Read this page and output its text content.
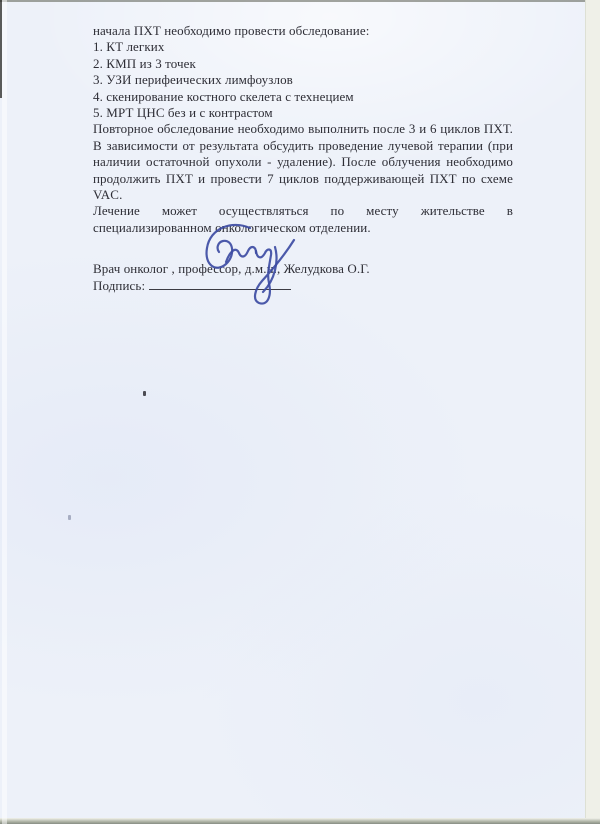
начала ПХТ необходимо провести обследование:

1. КТ легких

2. КМП из 3 точек

3. УЗИ перифеических лимфоузлов

4. скенирование костного скелета с технецием

5. МРТ ЦНС без и с контрастом

Повторное обследование необходимо выполнить после 3 и 6 циклов ПХТ. В зависимости от результата обсудить проведение лучевой терапии (при наличии остаточной опухоли - удаление). После облучения необходимо продолжить ПХТ и провести 7 циклов поддерживающей ПХТ по схеме VAC.

Лечение может осуществляться по месту жительстве в специализированном онкологическом отделении.

Врач онколог , профессор, д.м.н., Желудкова О.Г.

Подпись:
